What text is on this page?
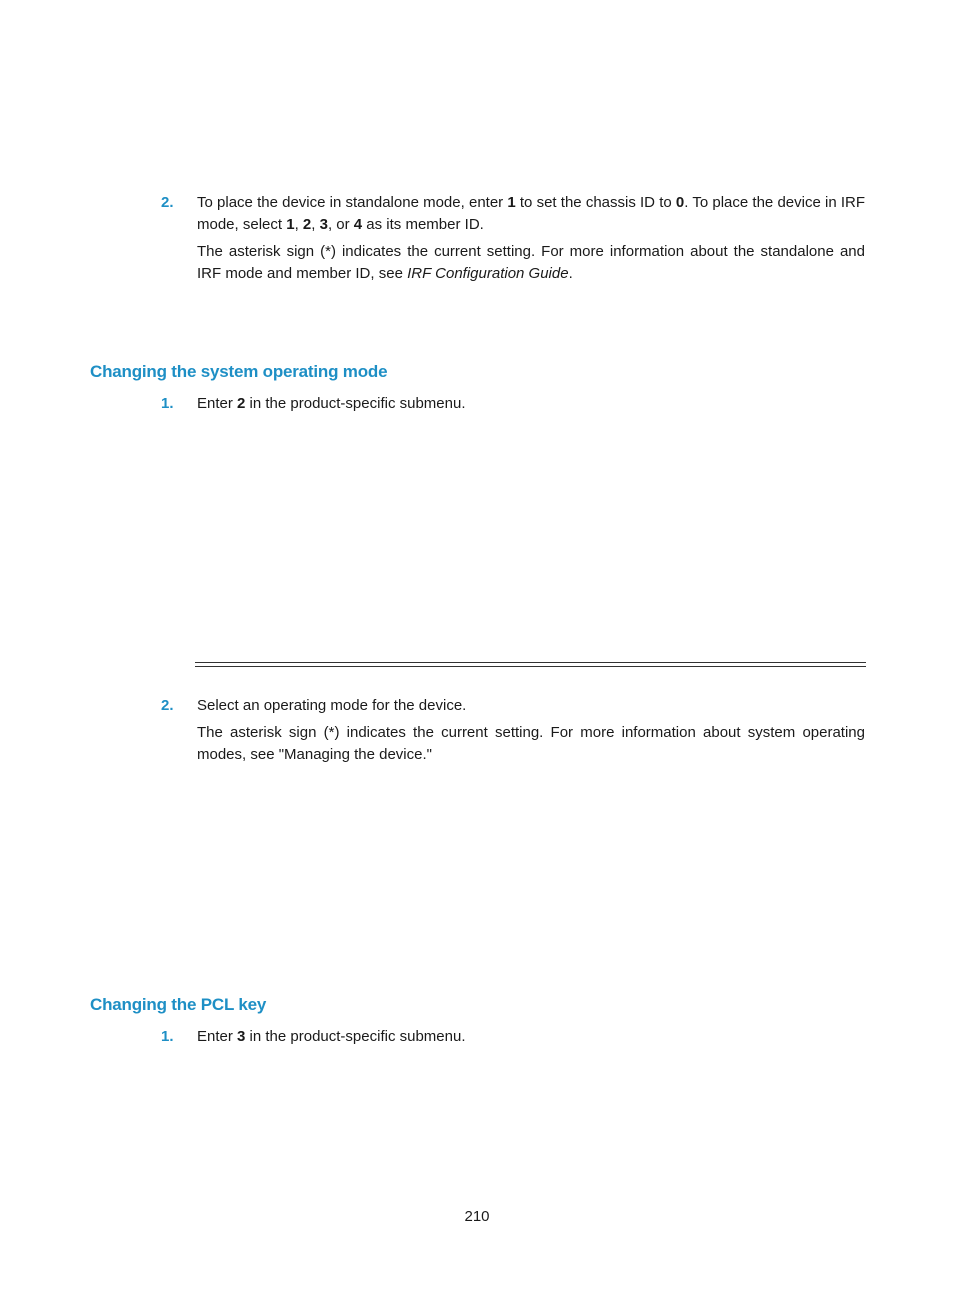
2. To place the device in standalone mode, enter 1 to set the chassis ID to 0. To place the device in IRF mode, select 1, 2, 3, or 4 as its member ID.
The asterisk sign (*) indicates the current setting. For more information about the standalone and IRF mode and member ID, see IRF Configuration Guide.
Changing the system operating mode
1. Enter 2 in the product-specific submenu.
2. Select an operating mode for the device.
The asterisk sign (*) indicates the current setting. For more information about system operating modes, see "Managing the device."
Changing the PCL key
1. Enter 3 in the product-specific submenu.
210
